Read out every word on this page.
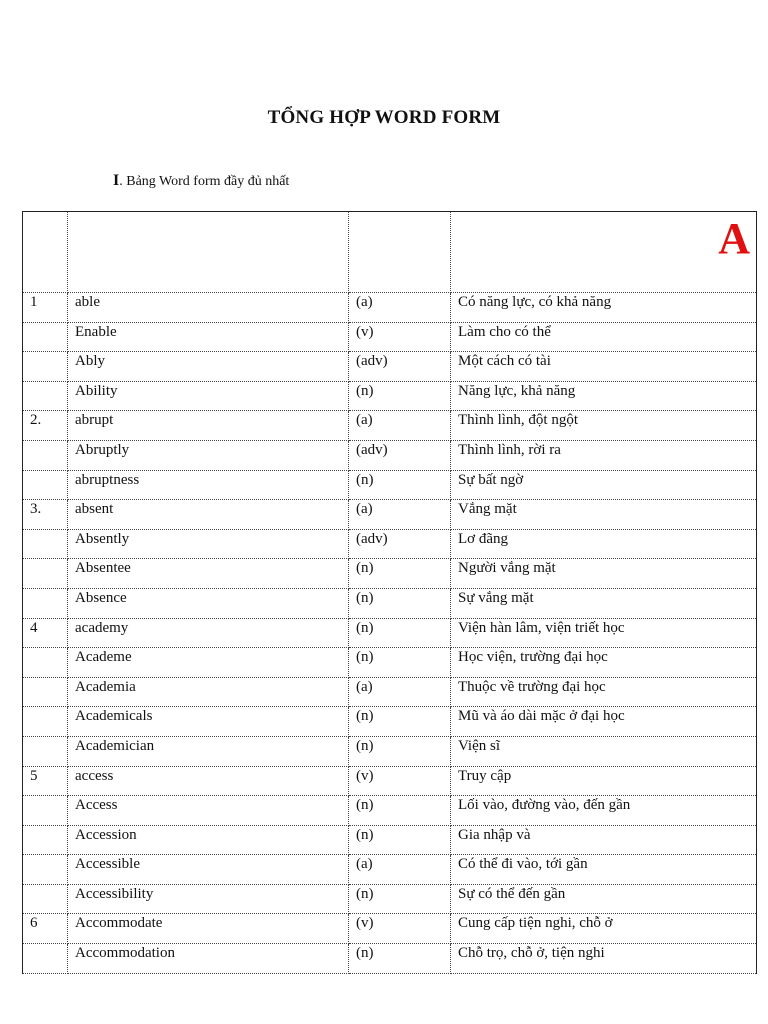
TỔNG HỢP WORD FORM
I. Bảng Word form đầy đủ nhất

			A

1	able	(a)	Có năng lực, có khả năng
	Enable	(v)	Làm cho có thể
	Ably	(adv)	Một cách có tài
	Ability	(n)	Năng lực, khả năng
2.	abrupt	(a)	Thình lình, đột ngột
	Abruptly	(adv)	Thình lình, rời ra
	abruptness	(n)	Sự bất ngờ
3.	absent	(a)	Vắng mặt
	Absently	(adv)	Lơ đãng
	Absentee	(n)	Người vắng mặt
	Absence	(n)	Sự vắng mặt
4	academy	(n)	Viện hàn lâm, viện triết học
	Academe	(n)	Học viện, trường đại học
	Academia	(a)	Thuộc về trường đại học
	Academicals	(n)	Mũ và áo dài mặc ở đại học
	Academician	(n)	Viện sĩ
5	access	(v)	Truy cập
	Access	(n)	Lối vào, đường vào, đến gần
	Accession	(n)	Gia nhập và
	Accessible	(a)	Có thể đi vào, tới gần
	Accessibility	(n)	Sự có thể đến gần
6	Accommodate	(v)	Cung cấp tiện nghi, chỗ ở
	Accommodation	(n)	Chỗ trọ, chỗ ở, tiện nghi
